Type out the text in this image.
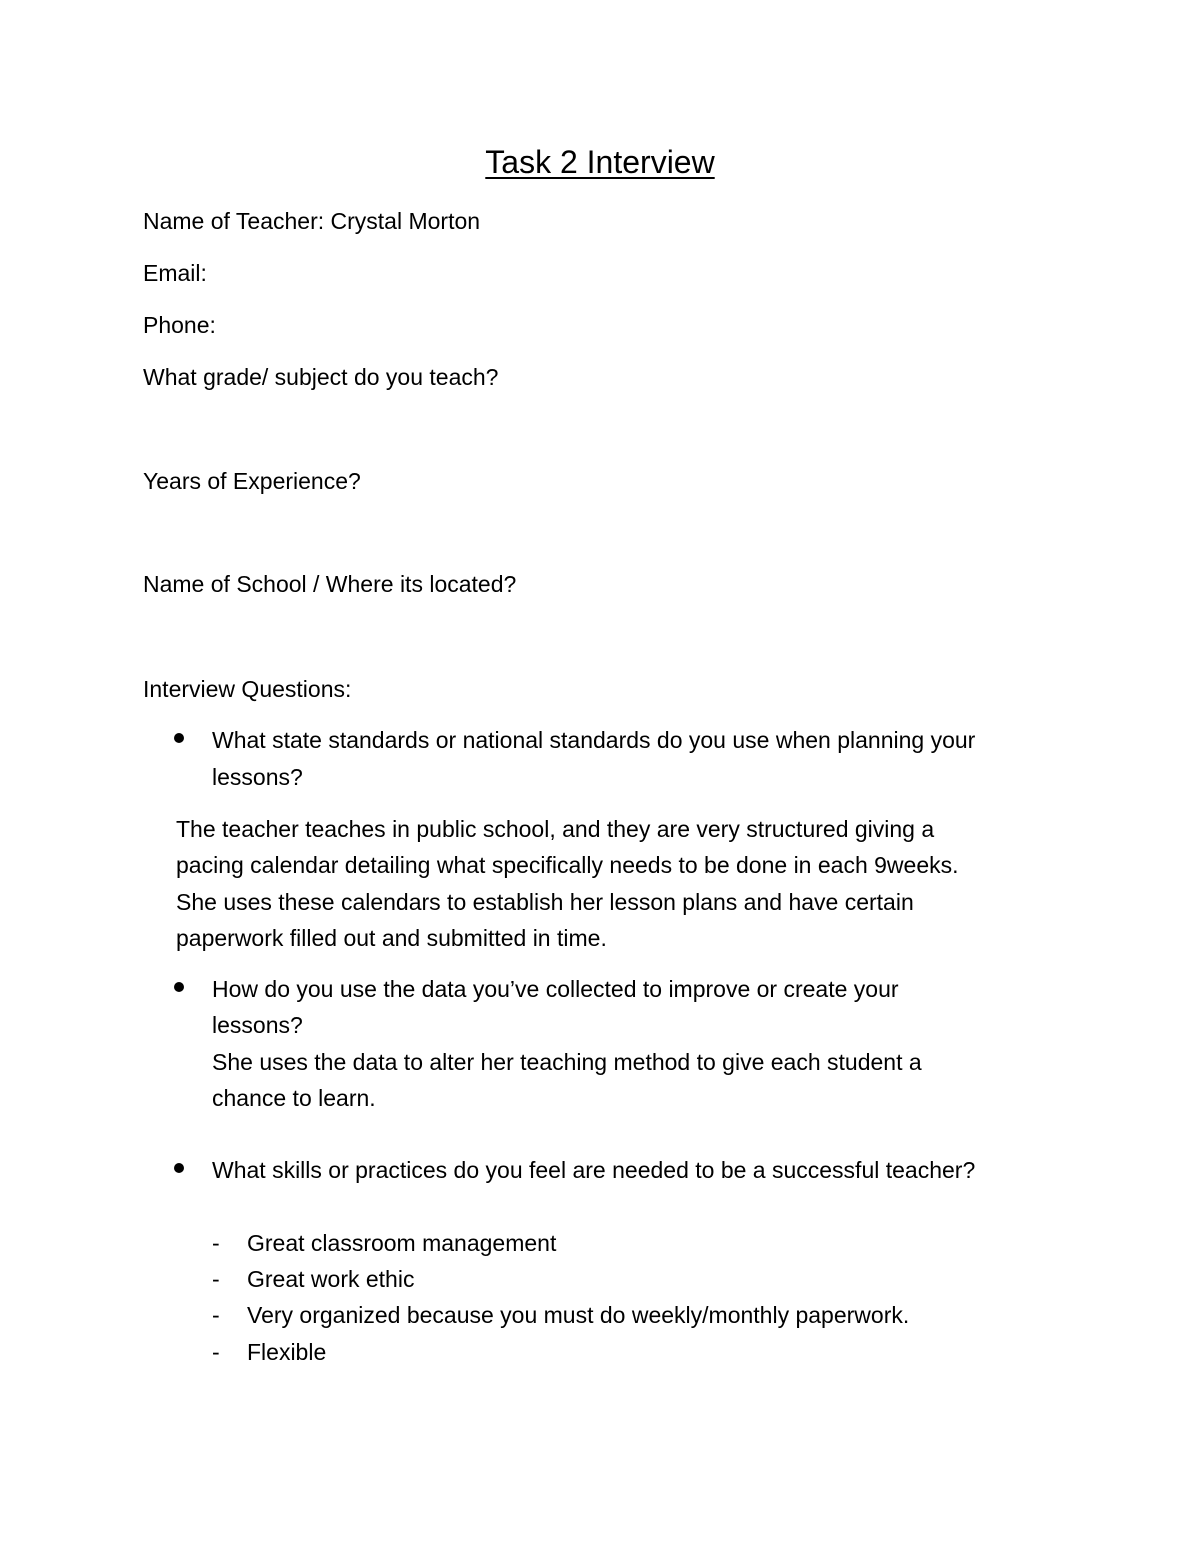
Task 2 Interview
Name of Teacher: Crystal Morton
Email:
Phone:
What grade/ subject do you teach?
Years of Experience?
Name of School / Where its located?
Interview Questions:
What state standards or national standards do you use when planning your
lessons?
The teacher teaches in public school, and they are very structured giving a
pacing calendar detailing what specifically needs to be done in each 9weeks.
She uses these calendars to establish her lesson plans and have certain
paperwork filled out and submitted in time.
How do you use the data you’ve collected to improve or create your
lessons?
She uses the data to alter her teaching method to give each student a
chance to learn.
What skills or practices do you feel are needed to be a successful teacher?
- Great classroom management
- Great work ethic
- Very organized because you must do weekly/monthly paperwork.
- Flexible
